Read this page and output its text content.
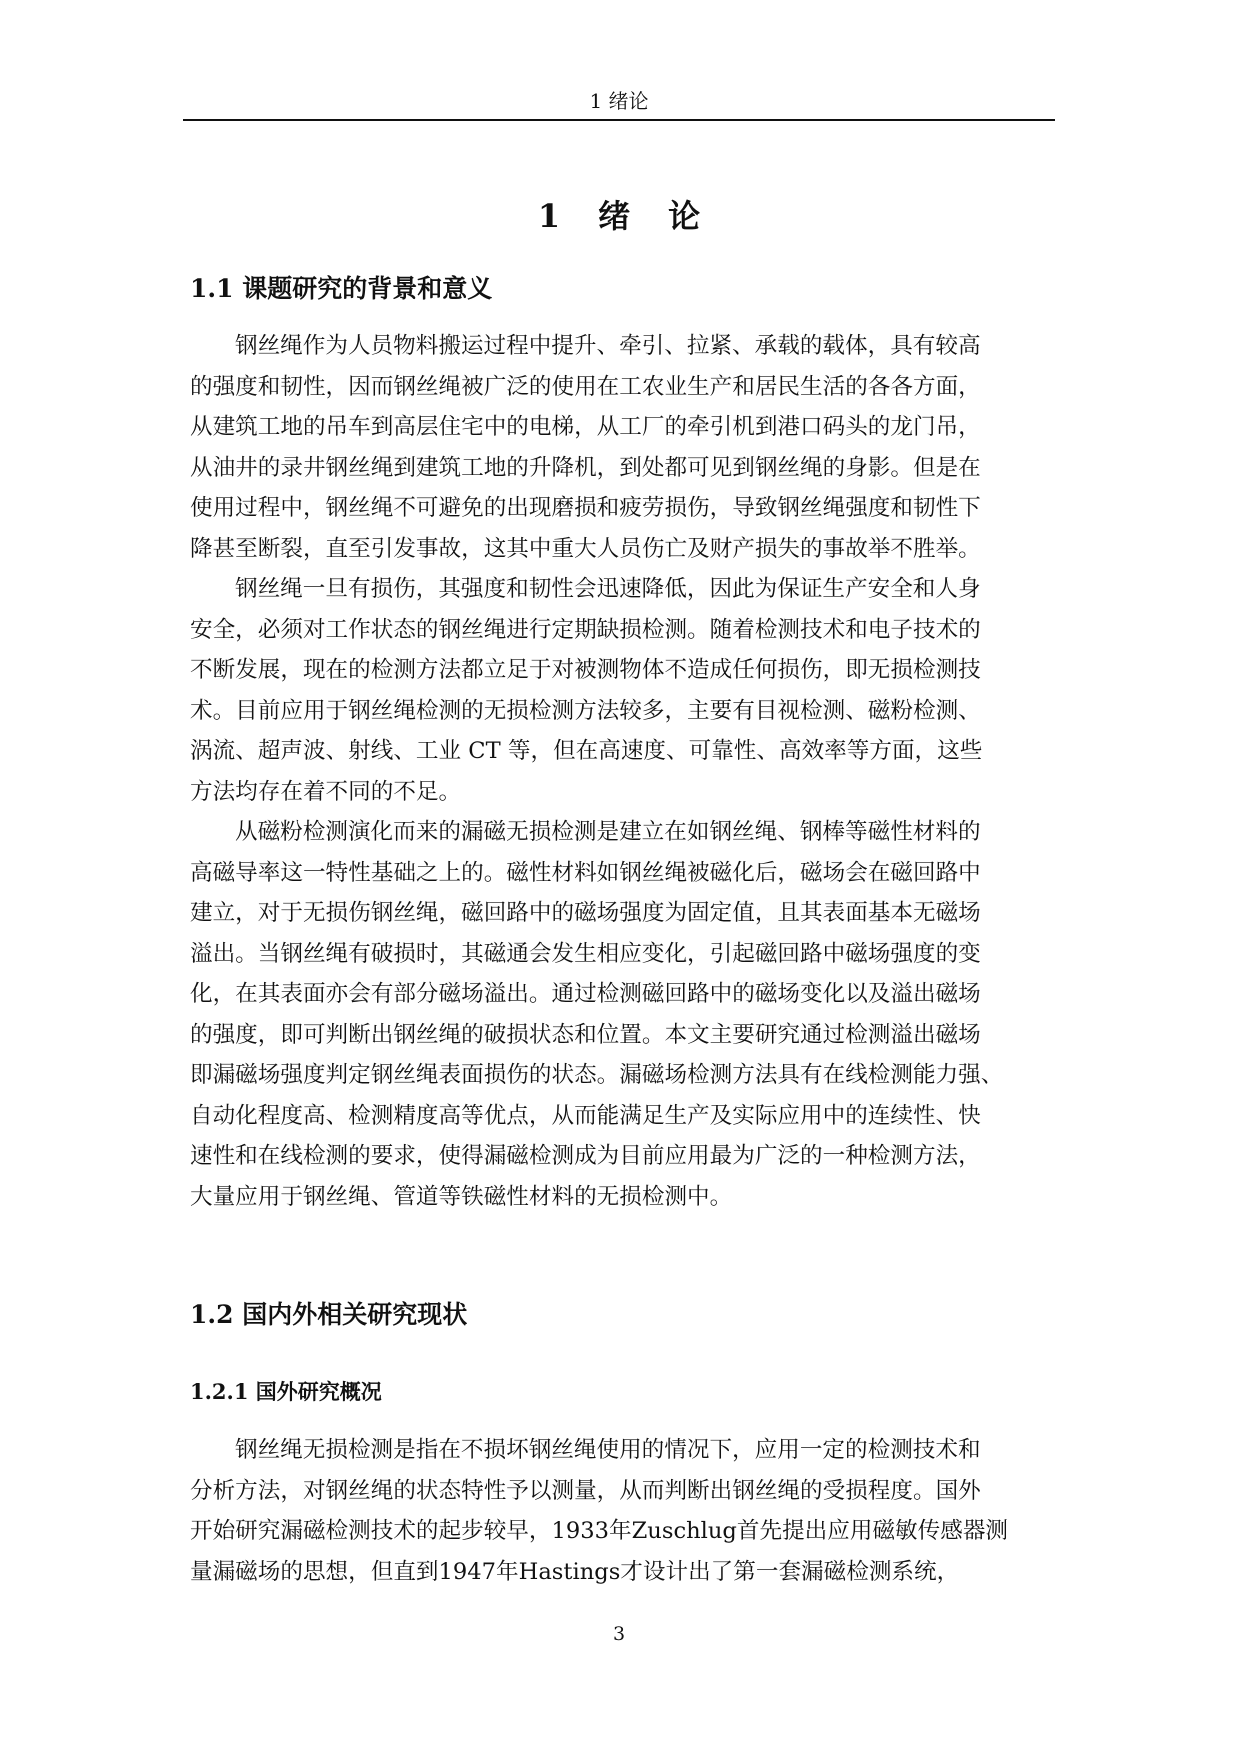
1 绪论
1 绪 论
1.1 课题研究的背景和意义
钢丝绳作为人员物料搬运过程中提升、牵引、拉紧、承载的载体，具有较高
的强度和韧性，因而钢丝绳被广泛的使用在工农业生产和居民生活的各各方面，
从建筑工地的吊车到高层住宅中的电梯，从工厂的牵引机到港口码头的龙门吊，
从油井的录井钢丝绳到建筑工地的升降机，到处都可见到钢丝绳的身影。但是在
使用过程中，钢丝绳不可避免的出现磨损和疲劳损伤，导致钢丝绳强度和韧性下
降甚至断裂，直至引发事故，这其中重大人员伤亡及财产损失的事故举不胜举。
钢丝绳一旦有损伤，其强度和韧性会迅速降低，因此为保证生产安全和人身
安全，必须对工作状态的钢丝绳进行定期缺损检测。随着检测技术和电子技术的
不断发展，现在的检测方法都立足于对被测物体不造成任何损伤，即无损检测技
术。目前应用于钢丝绳检测的无损检测方法较多，主要有目视检测、磁粉检测、
涡流、超声波、射线、工业 CT 等，但在高速度、可靠性、高效率等方面，这些
方法均存在着不同的不足。
从磁粉检测演化而来的漏磁无损检测是建立在如钢丝绳、钢棒等磁性材料的
高磁导率这一特性基础之上的。磁性材料如钢丝绳被磁化后，磁场会在磁回路中
建立，对于无损伤钢丝绳，磁回路中的磁场强度为固定值，且其表面基本无磁场
溢出。当钢丝绳有破损时，其磁通会发生相应变化，引起磁回路中磁场强度的变
化，在其表面亦会有部分磁场溢出。通过检测磁回路中的磁场变化以及溢出磁场
的强度，即可判断出钢丝绳的破损状态和位置。本文主要研究通过检测溢出磁场
即漏磁场强度判定钢丝绳表面损伤的状态。漏磁场检测方法具有在线检测能力强、
自动化程度高、检测精度高等优点，从而能满足生产及实际应用中的连续性、快
速性和在线检测的要求，使得漏磁检测成为目前应用最为广泛的一种检测方法，
大量应用于钢丝绳、管道等铁磁性材料的无损检测中。
1.2 国内外相关研究现状
1.2.1 国外研究概况
钢丝绳无损检测是指在不损坏钢丝绳使用的情况下，应用一定的检测技术和
分析方法，对钢丝绳的状态特性予以测量，从而判断出钢丝绳的受损程度。国外
开始研究漏磁检测技术的起步较早，1933年Zuschlug首先提出应用磁敏传感器测
量漏磁场的思想，但直到1947年Hastings才设计出了第一套漏磁检测系统，
3
